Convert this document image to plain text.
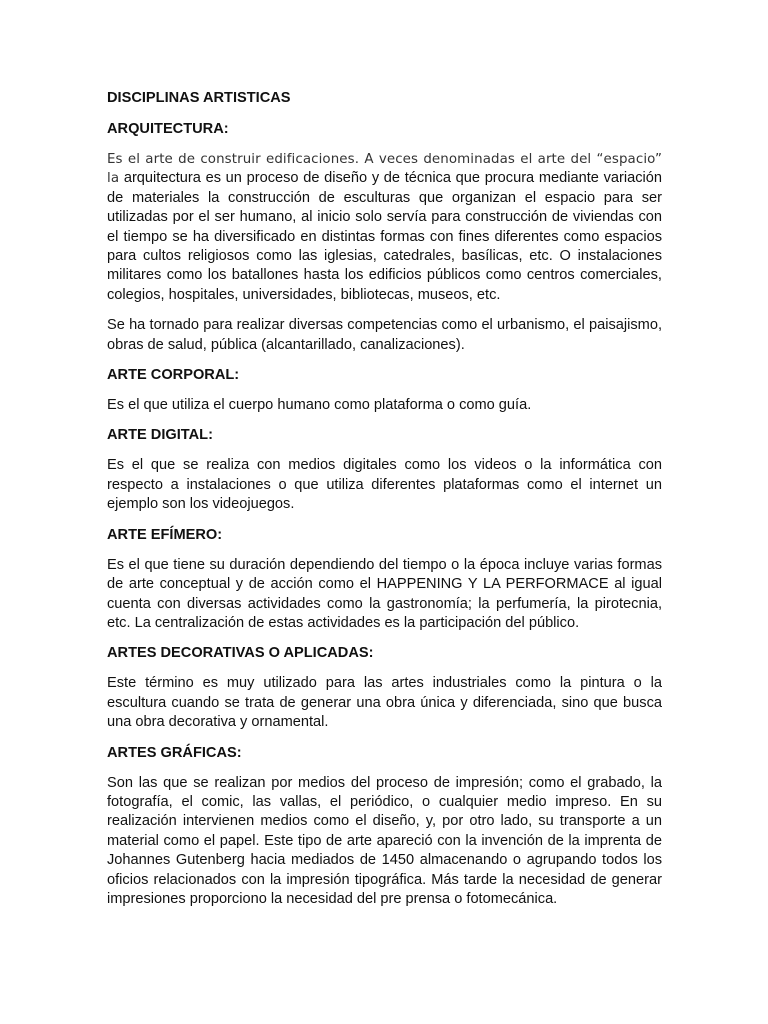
DISCIPLINAS ARTISTICAS
ARQUITECTURA:

Es el arte de construir edificaciones. A veces denominadas el arte del “espacio” la arquitectura es un proceso de diseño y de técnica que procura mediante variación de materiales la construcción de esculturas que organizan el espacio para ser utilizadas por el ser humano, al inicio solo servía para construcción de viviendas con el tiempo se ha diversificado en distintas formas con fines diferentes como espacios para cultos religiosos como las iglesias, catedrales, basílicas, etc. O instalaciones militares como los batallones hasta los edificios públicos como centros comerciales, colegios, hospitales, universidades, bibliotecas, museos, etc.

Se ha tornado para realizar diversas competencias como el urbanismo, el paisajismo, obras de salud, pública (alcantarillado, canalizaciones).

ARTE CORPORAL:

Es el que utiliza el cuerpo humano como plataforma o como guía.

ARTE DIGITAL:

Es el que se realiza con medios digitales como los videos o la informática con respecto a instalaciones o que utiliza diferentes plataformas como el internet un ejemplo son los videojuegos.

ARTE EFÍMERO:

Es el que tiene su duración dependiendo del tiempo o la época incluye varias formas de arte conceptual y de acción como el HAPPENING Y LA PERFORMACE al igual cuenta con diversas actividades como la gastronomía; la perfumería, la pirotecnia, etc. La centralización de estas actividades es la participación del público.

ARTES DECORATIVAS O APLICADAS:

Este término es muy utilizado para las artes industriales como la pintura o la escultura cuando se trata de generar una obra única y diferenciada, sino que busca una obra decorativa y ornamental.

ARTES GRÁFICAS:

Son las que se realizan por medios del proceso de impresión; como el grabado, la fotografía, el comic, las vallas, el periódico, o cualquier medio impreso. En su realización intervienen medios como el diseño, y, por otro lado, su transporte a un material como el papel. Este tipo de arte apareció con la invención de la imprenta de Johannes Gutenberg hacia mediados de 1450 almacenando o agrupando todos los oficios relacionados con la impresión tipográfica. Más tarde la necesidad de generar impresiones proporciono la necesidad del pre prensa o fotomecánica.
